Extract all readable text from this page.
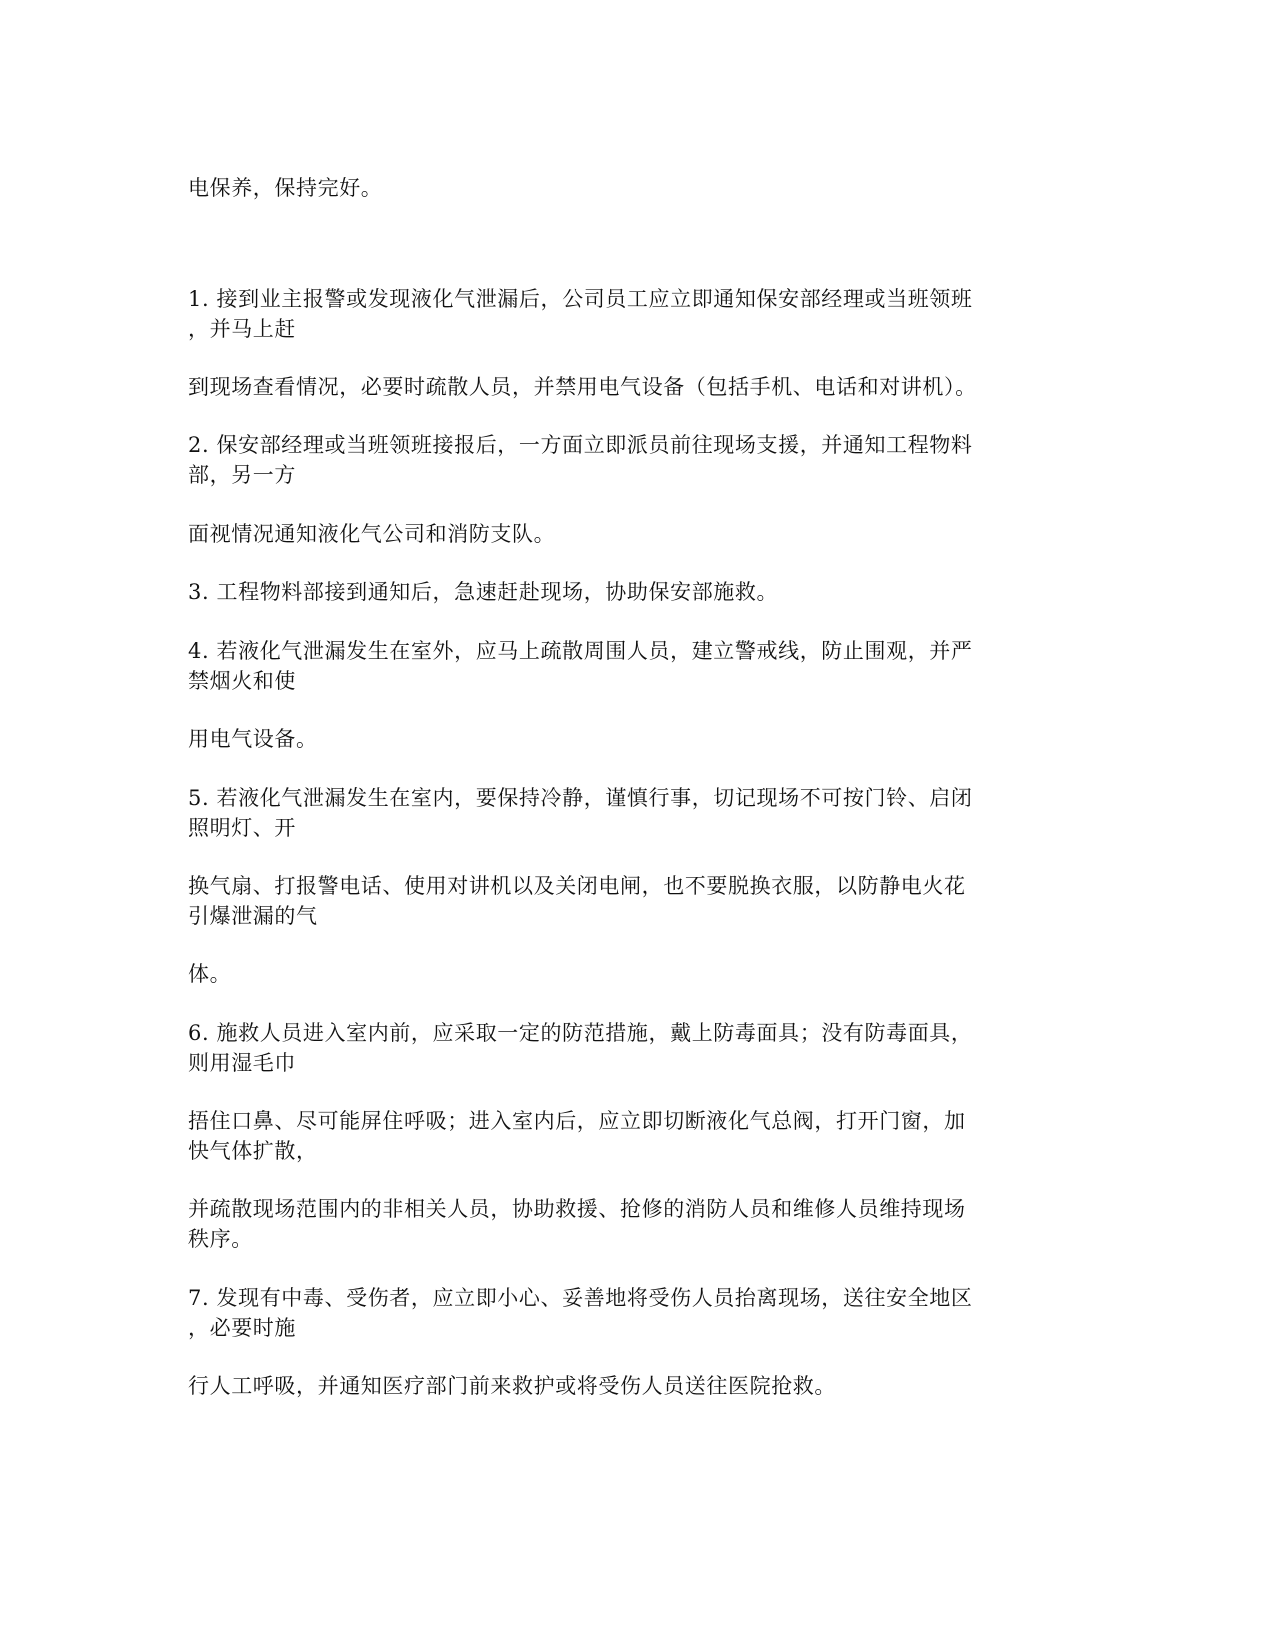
电保养，保持完好。
1. 接到业主报警或发现液化气泄漏后，公司员工应立即通知保安部经理或当班领班
，并马上赶
到现场查看情况，必要时疏散人员，并禁用电气设备（包括手机、电话和对讲机）。
2. 保安部经理或当班领班接报后，一方面立即派员前往现场支援，并通知工程物料
部，另一方
面视情况通知液化气公司和消防支队。
3. 工程物料部接到通知后，急速赶赴现场，协助保安部施救。
4. 若液化气泄漏发生在室外，应马上疏散周围人员，建立警戒线，防止围观，并严
禁烟火和使
用电气设备。
5. 若液化气泄漏发生在室内，要保持冷静，谨慎行事，切记现场不可按门铃、启闭
照明灯、开
换气扇、打报警电话、使用对讲机以及关闭电闸，也不要脱换衣服，以防静电火花
引爆泄漏的气
体。
6. 施救人员进入室内前，应采取一定的防范措施，戴上防毒面具；没有防毒面具，
则用湿毛巾
捂住口鼻、尽可能屏住呼吸；进入室内后，应立即切断液化气总阀，打开门窗，加
快气体扩散，
并疏散现场范围内的非相关人员，协助救援、抢修的消防人员和维修人员维持现场
秩序。
7. 发现有中毒、受伤者，应立即小心、妥善地将受伤人员抬离现场，送往安全地区
，必要时施
行人工呼吸，并通知医疗部门前来救护或将受伤人员送往医院抢救。
